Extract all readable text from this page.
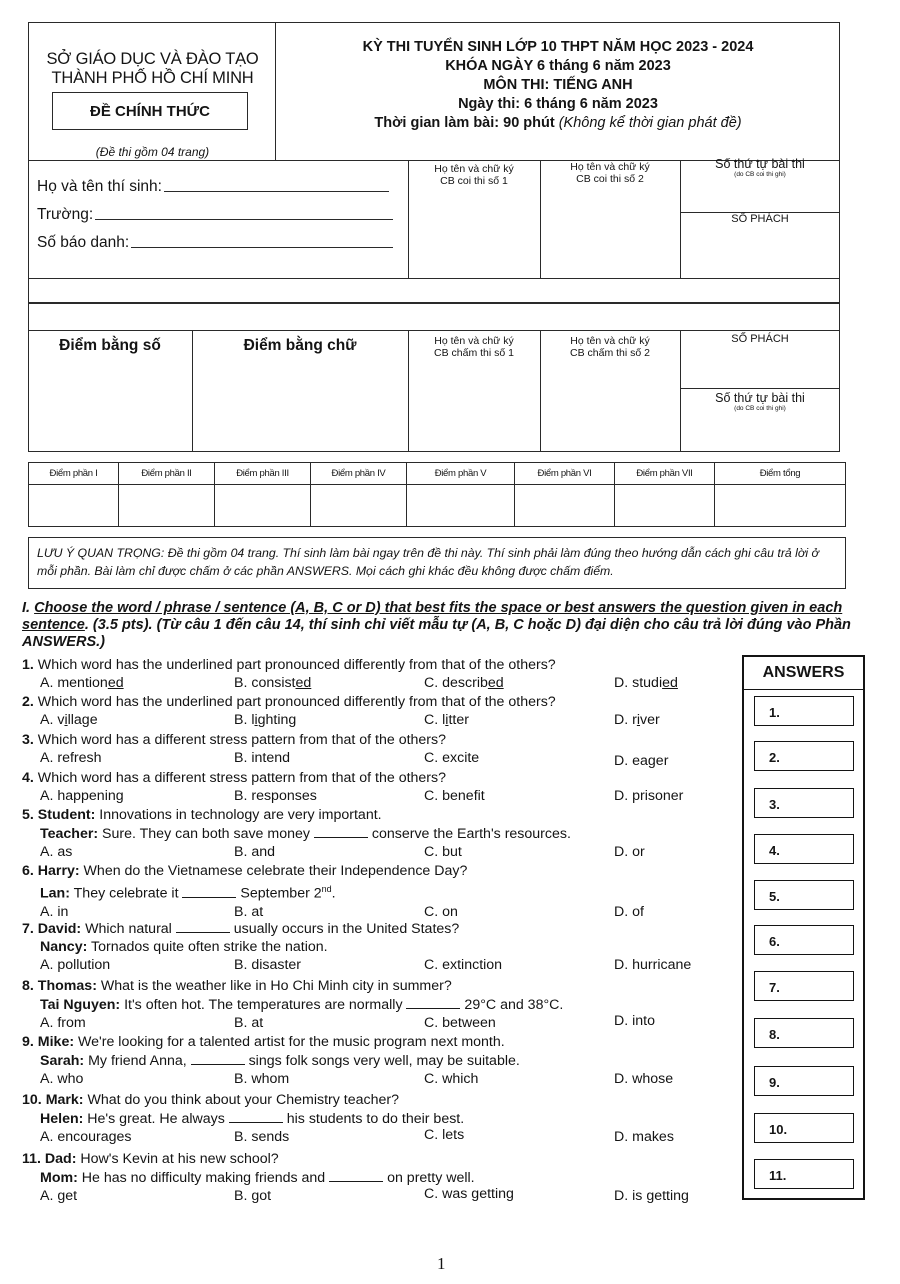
SỞ GIÁO DỤC VÀ ĐÀO TẠO
THÀNH PHỐ HỒ CHÍ MINH
ĐỀ CHÍNH THỨC
(Đề thi gồm 04 trang)
KỲ THI TUYỂN SINH LỚP 10 THPT NĂM HỌC 2023 - 2024
KHÓA NGÀY 6 tháng 6 năm 2023
MÔN THI: TIẾNG ANH
Ngày thi: 6 tháng 6 năm 2023
Thời gian làm bài: 90 phút (Không kể thời gian phát đề)
Họ và tên thí sinh:
Trường:
Số báo danh:
Họ tên và chữ ký
CB coi thi số 1
Họ tên và chữ ký
CB coi thi số 2
Số thứ tự bài thi
(do CB coi thi ghi)
SỐ PHÁCH
Điểm bằng số	Điểm bằng chữ	Họ tên và chữ ký
CB chấm thi số 1
Họ tên và chữ ký
CB chấm thi số 2
SỐ PHÁCH
Số thứ tự bài thi
(do CB coi thi ghi)
Điểm phần I	Điểm phần II	Điểm phần III	Điểm phần IV	Điểm phần V	Điểm phần VI	Điểm phần VII	Điểm tổng

LƯU Ý QUAN TRỌNG: Đề thi gồm 04 trang. Thí sinh làm bài ngay trên đề thi này. Thí sinh phải làm đúng theo hướng dẫn cách ghi câu trả lời ở mỗi phần. Bài làm chỉ được chấm ở các phần ANSWERS. Mọi cách ghi khác đều không được chấm điểm.
I. Choose the word / phrase / sentence (A, B, C or D) that best fits the space or best answers the question given in each sentence. (3.5 pts). (Từ câu 1 đến câu 14, thí sinh chỉ viết mẫu tự (A, B, C hoặc D) đại diện cho câu trả lời đúng vào Phần ANSWERS.)
1. Which word has the underlined part pronounced differently from that of the others?
A. mentioned	B. consisted	C. described	D. studied
2. Which word has the underlined part pronounced differently from that of the others?
A. village	B. lighting	C. litter	D. river
3. Which word has a different stress pattern from that of the others?
A. refresh	B. intend	C. excite	D. eager
4. Which word has a different stress pattern from that of the others?
A. happening	B. responses	C. benefit	D. prisoner
5. Student: Innovations in technology are very important.
Teacher: Sure. They can both save money	conserve the Earth's resources.
A. as	B. and	C. but	D. or
6. Harry: When do the Vietnamese celebrate their Independence Day?
Lan: They celebrate it	September 2nd.
A. in	B. at	C. on	D. of
7. David: Which natural	usually occurs in the United States?
Nancy: Tornados quite often strike the nation.
A. pollution	B. disaster	C. extinction	D. hurricane
8. Thomas: What is the weather like in Ho Chi Minh city in summer?
Tai Nguyen: It's often hot. The temperatures are normally	29°C and 38°C.
A. from	B. at	C. between	D. into
9. Mike: We're looking for a talented artist for the music program next month.
Sarah: My friend Anna,	sings folk songs very well, may be suitable.
A. who	B. whom	C. which	D. whose
10. Mark: What do you think about your Chemistry teacher?
Helen: He's great. He always	his students to do their best.
A. encourages	B. sends	C. lets	D. makes
11. Dad: How's Kevin at his new school?
Mom: He has no difficulty making friends and	on pretty well.
A. get	B. got	C. was getting	D. is getting
ANSWERS
1.
2.
3.
4.
5.
6.
7.
8.
9.
10.
11.
1
